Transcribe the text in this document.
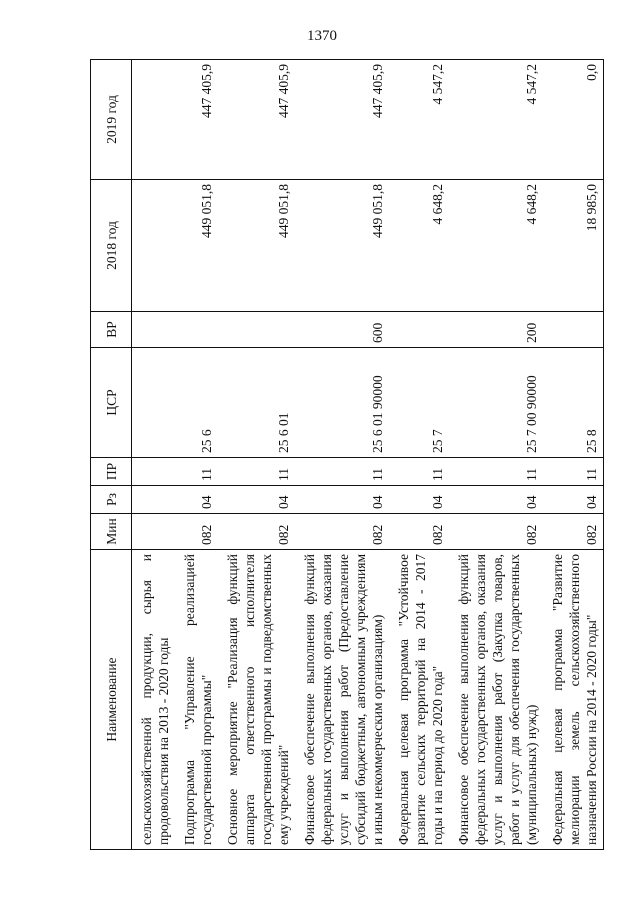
1370
Наименование	Мин	Рз	ПР	ЦСР	ВР	2018 год	2019 год
сельскохозяйственной продукции, сырья и продовольствия на 2013 - 2020 годы							
Подпрограмма "Управление реализацией государственной программы"	082	04	11	25 6		449 051,8	447 405,9
Основное мероприятие "Реализация функций аппарата ответственного исполнителя государственной программы и подведомственных ему учреждений"	082	04	11	25 6 01		449 051,8	447 405,9
Финансовое обеспечение выполнения функций федеральных государственных органов, оказания услуг и выполнения работ (Предоставление субсидий бюджетным, автономным учреждениям и иным некоммерческим организациям)	082	04	11	25 6 01 90000	600	449 051,8	447 405,9
Федеральная целевая программа "Устойчивое развитие сельских территорий на 2014 - 2017 годы и на период до 2020 года"	082	04	11	25 7		4 648,2	4 547,2
Финансовое обеспечение выполнения функций федеральных государственных органов, оказания услуг и выполнения работ (Закупка товаров, работ и услуг для обеспечения государственных (муниципальных) нужд)	082	04	11	25 7 00 90000	200	4 648,2	4 547,2
Федеральная целевая программа "Развитие мелиорации земель сельскохозяйственного назначения России на 2014 - 2020 годы"	082	04	11	25 8		18 985,0	0,0
